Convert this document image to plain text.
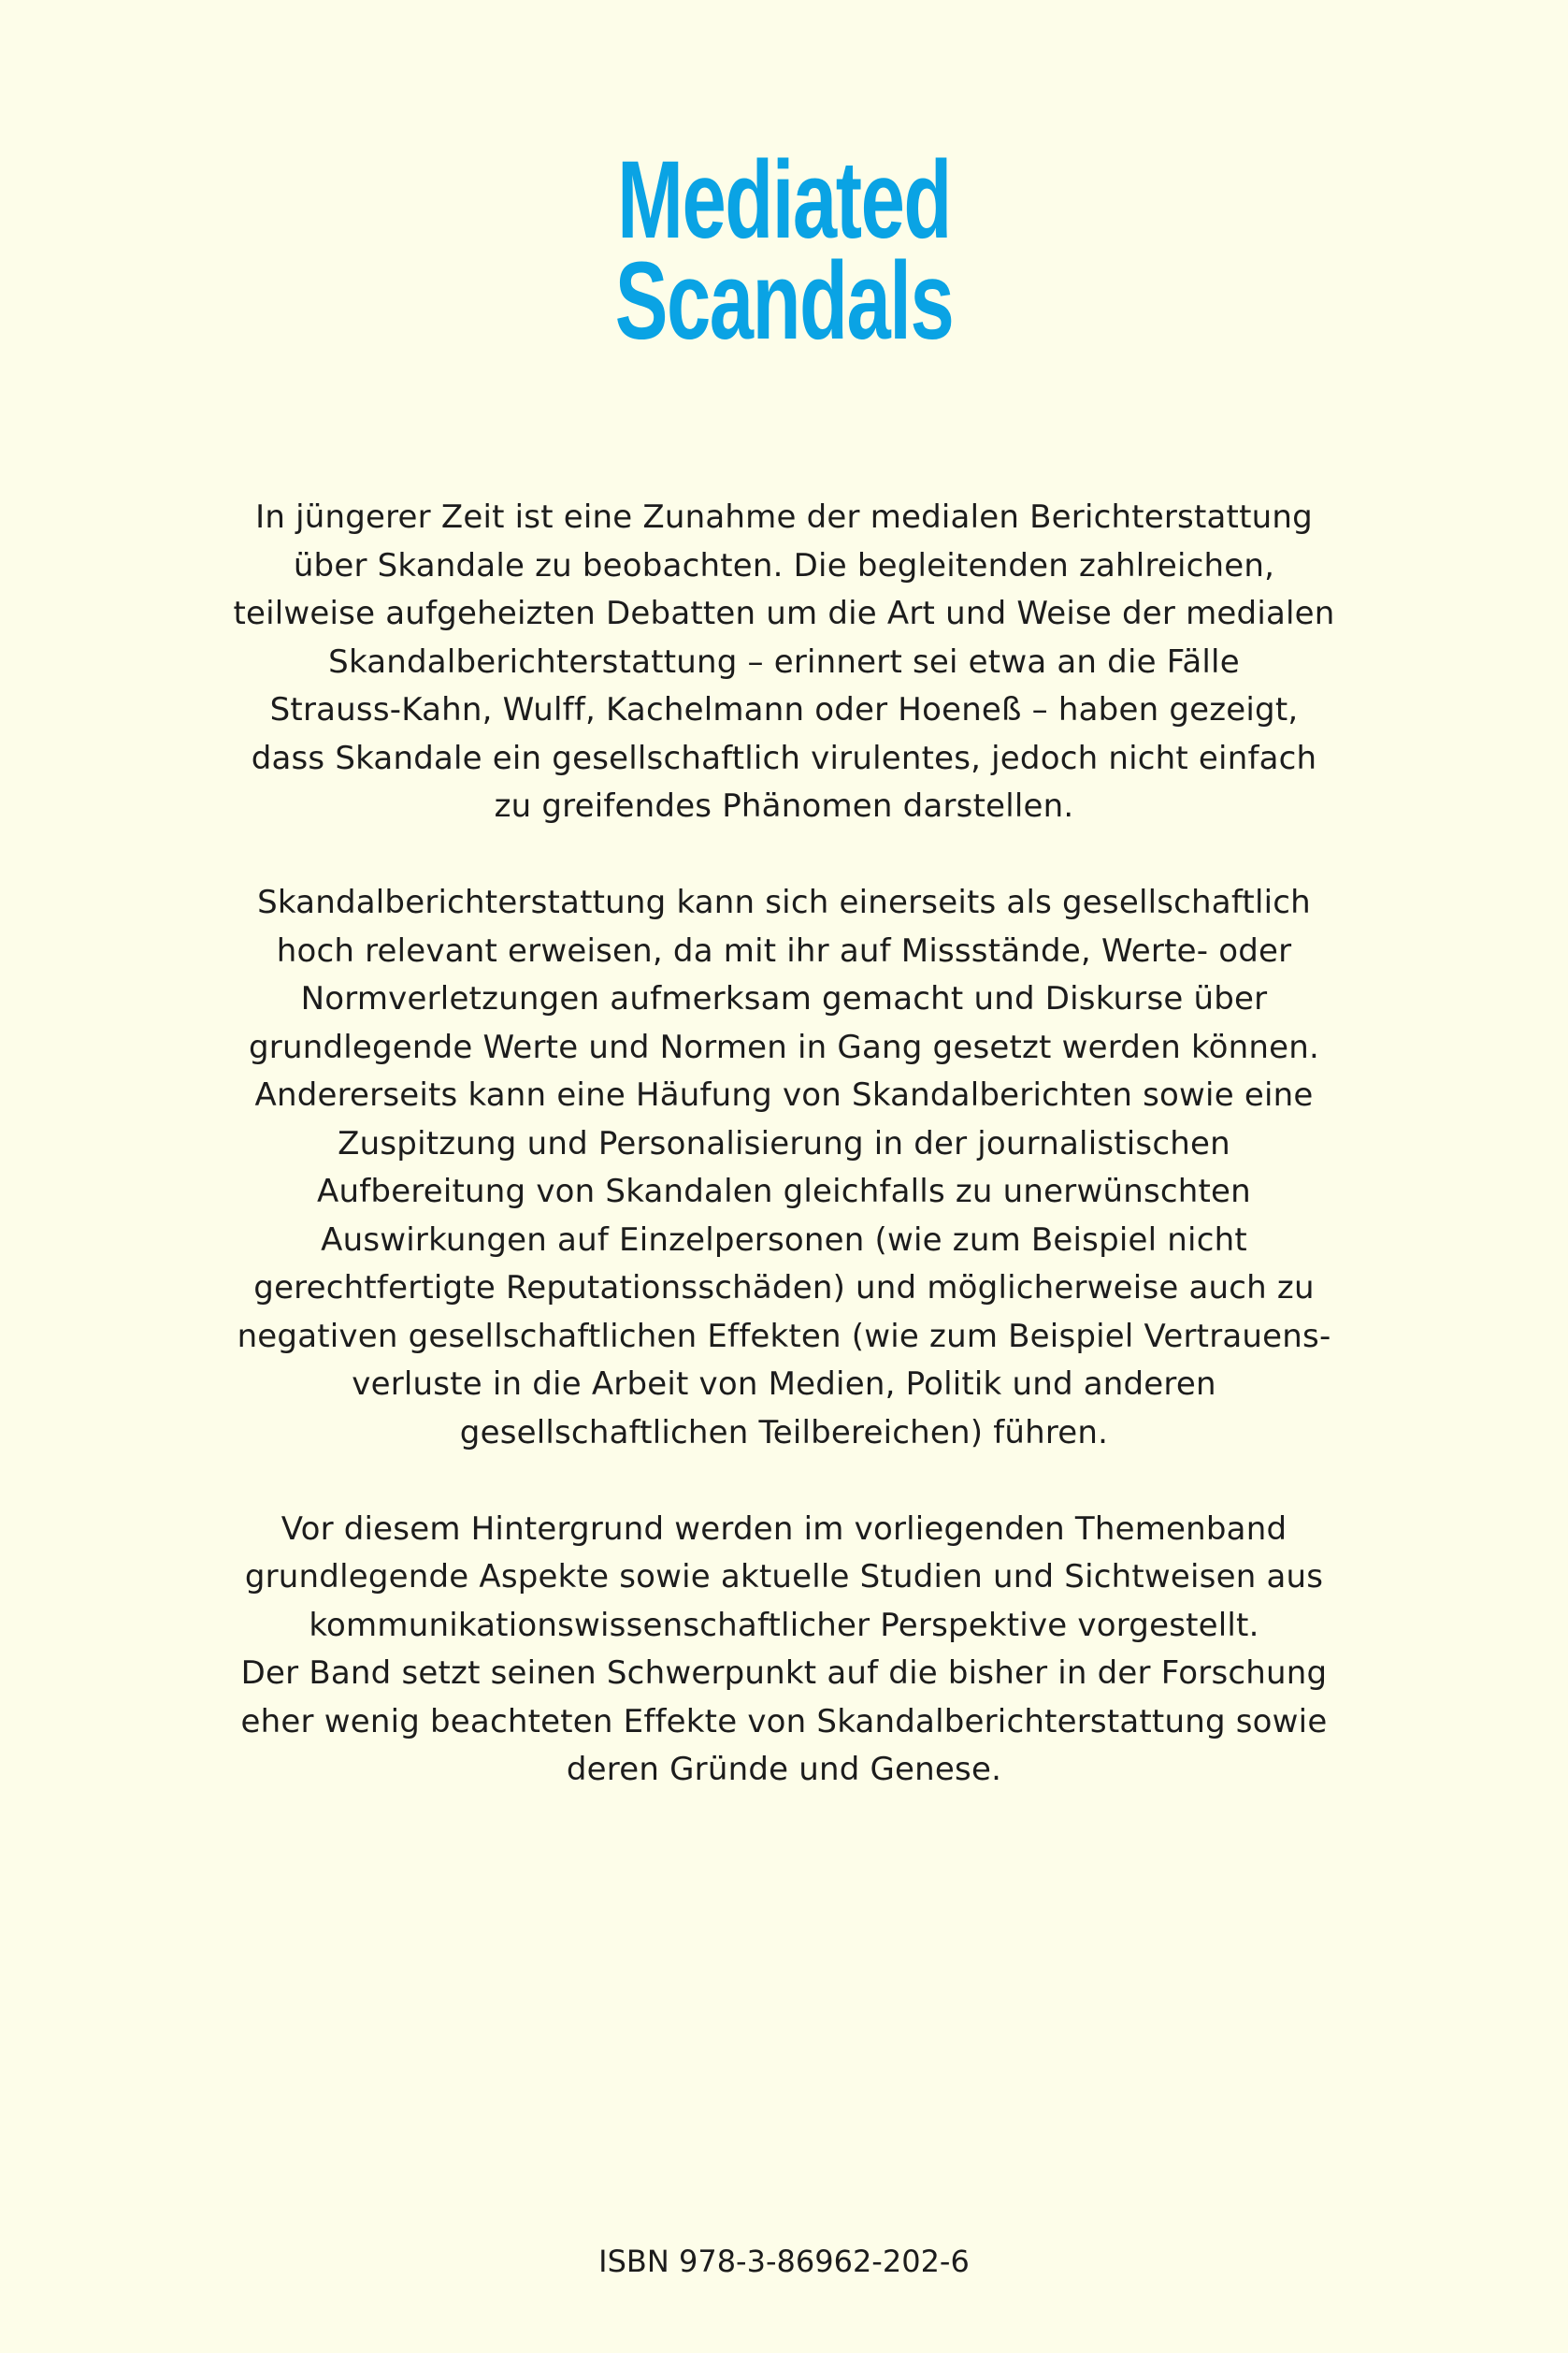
Mediated
Scandals
In jüngerer Zeit ist eine Zunahme der medialen Berichterstattung
über Skandale zu beobachten. Die begleitenden zahlreichen,
teilweise aufgeheizten Debatten um die Art und Weise der medialen
Skandalberichterstattung – erinnert sei etwa an die Fälle
Strauss-Kahn, Wulff, Kachelmann oder Hoeneß – haben gezeigt,
dass Skandale ein gesellschaftlich virulentes, jedoch nicht einfach
zu greifendes Phänomen darstellen.
Skandalberichterstattung kann sich einerseits als gesellschaftlich
hoch relevant erweisen, da mit ihr auf Missstände, Werte- oder
Normverletzungen aufmerksam gemacht und Diskurse über
grundlegende Werte und Normen in Gang gesetzt werden können.
Andererseits kann eine Häufung von Skandalberichten sowie eine
Zuspitzung und Personalisierung in der journalistischen
Aufbereitung von Skandalen gleichfalls zu unerwünschten
Auswirkungen auf Einzelpersonen (wie zum Beispiel nicht
gerechtfertigte Reputationsschäden) und möglicherweise auch zu
negativen gesellschaftlichen Effekten (wie zum Beispiel Vertrauens-
verluste in die Arbeit von Medien, Politik und anderen
gesellschaftlichen Teilbereichen) führen.
Vor diesem Hintergrund werden im vorliegenden Themenband
grundlegende Aspekte sowie aktuelle Studien und Sichtweisen aus
kommunikationswissenschaftlicher Perspektive vorgestellt.
Der Band setzt seinen Schwerpunkt auf die bisher in der Forschung
eher wenig beachteten Effekte von Skandalberichterstattung sowie
deren Gründe und Genese.
ISBN 978-3-86962-202-6
